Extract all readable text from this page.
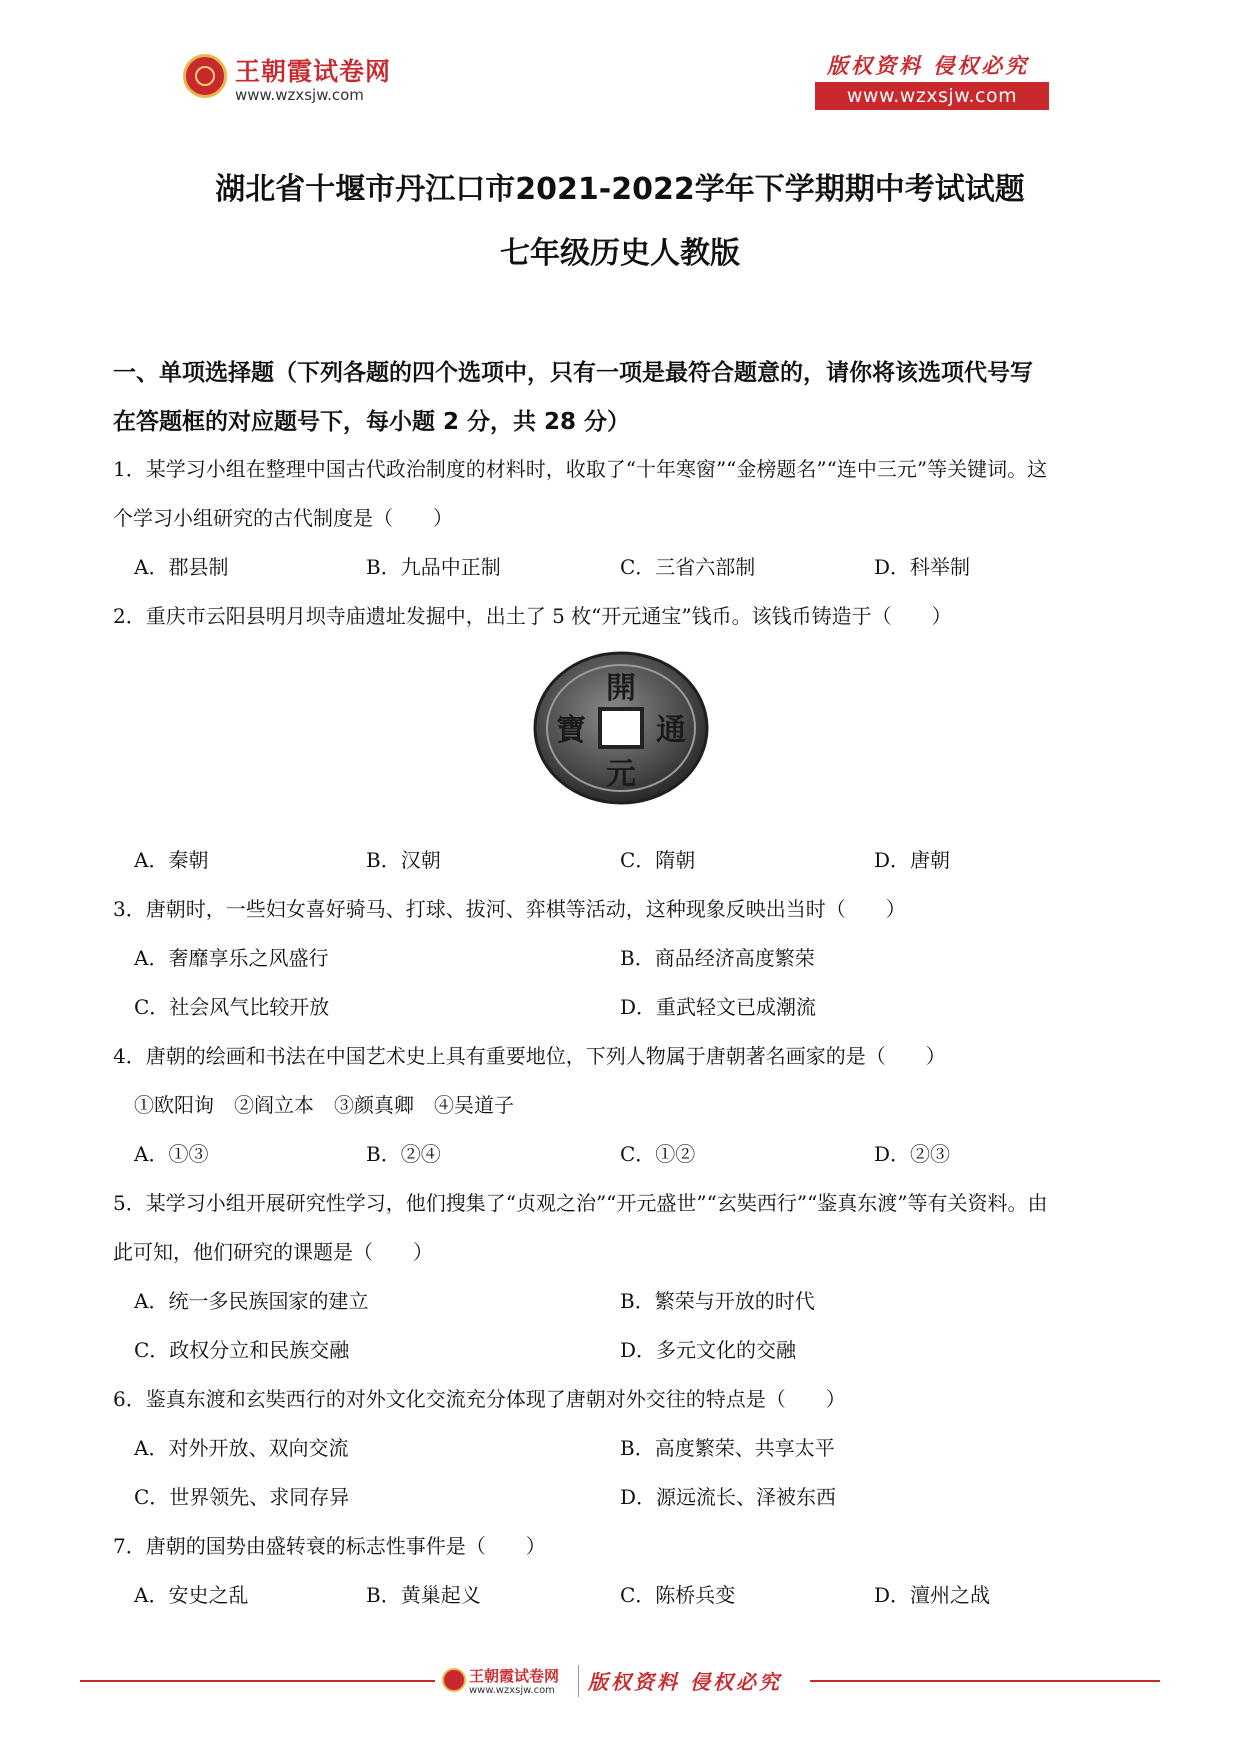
王朝霞试卷网
www.wzxsjw.com
版权资料 侵权必究
www.wzxsjw.com
湖北省十堰市丹江口市2021-2022学年下学期期中考试试题
七年级历史人教版
一、单项选择题（下列各题的四个选项中，只有一项是最符合题意的，请你将该选项代号写
在答题框的对应题号下，每小题 2 分，共 28 分）
1．某学习小组在整理中国古代政治制度的材料时，收取了“十年寒窗”“金榜题名”“连中三元”等关键词。这
个学习小组研究的古代制度是（　　）
A．郡县制	B．九品中正制	C．三省六部制	D．科举制
2．重庆市云阳县明月坝寺庙遗址发掘中，出土了 5 枚“开元通宝”钱币。该钱币铸造于（　　）
開
通
元
寶
A．秦朝	B．汉朝	C．隋朝	D．唐朝
3．唐朝时，一些妇女喜好骑马、打球、拔河、弈棋等活动，这种现象反映出当时（　　）
A．奢靡享乐之风盛行	B．商品经济高度繁荣
C．社会风气比较开放	D．重武轻文已成潮流
4．唐朝的绘画和书法在中国艺术史上具有重要地位，下列人物属于唐朝著名画家的是（　　）
①欧阳询　②阎立本　③颜真卿　④吴道子
A．①③	B．②④	C．①②	D．②③
5．某学习小组开展研究性学习，他们搜集了“贞观之治”“开元盛世”“玄奘西行”“鉴真东渡”等有关资料。由
此可知，他们研究的课题是（　　）
A．统一多民族国家的建立	B．繁荣与开放的时代
C．政权分立和民族交融	D．多元文化的交融
6．鉴真东渡和玄奘西行的对外文化交流充分体现了唐朝对外交往的特点是（　　）
A．对外开放、双向交流	B．高度繁荣、共享太平
C．世界领先、求同存异	D．源远流长、泽被东西
7．唐朝的国势由盛转衰的标志性事件是（　　）
A．安史之乱	B．黄巢起义	C．陈桥兵变	D．澶州之战
王朝霞试卷网
www.wzxsjw.com 版权资料 侵权必究
